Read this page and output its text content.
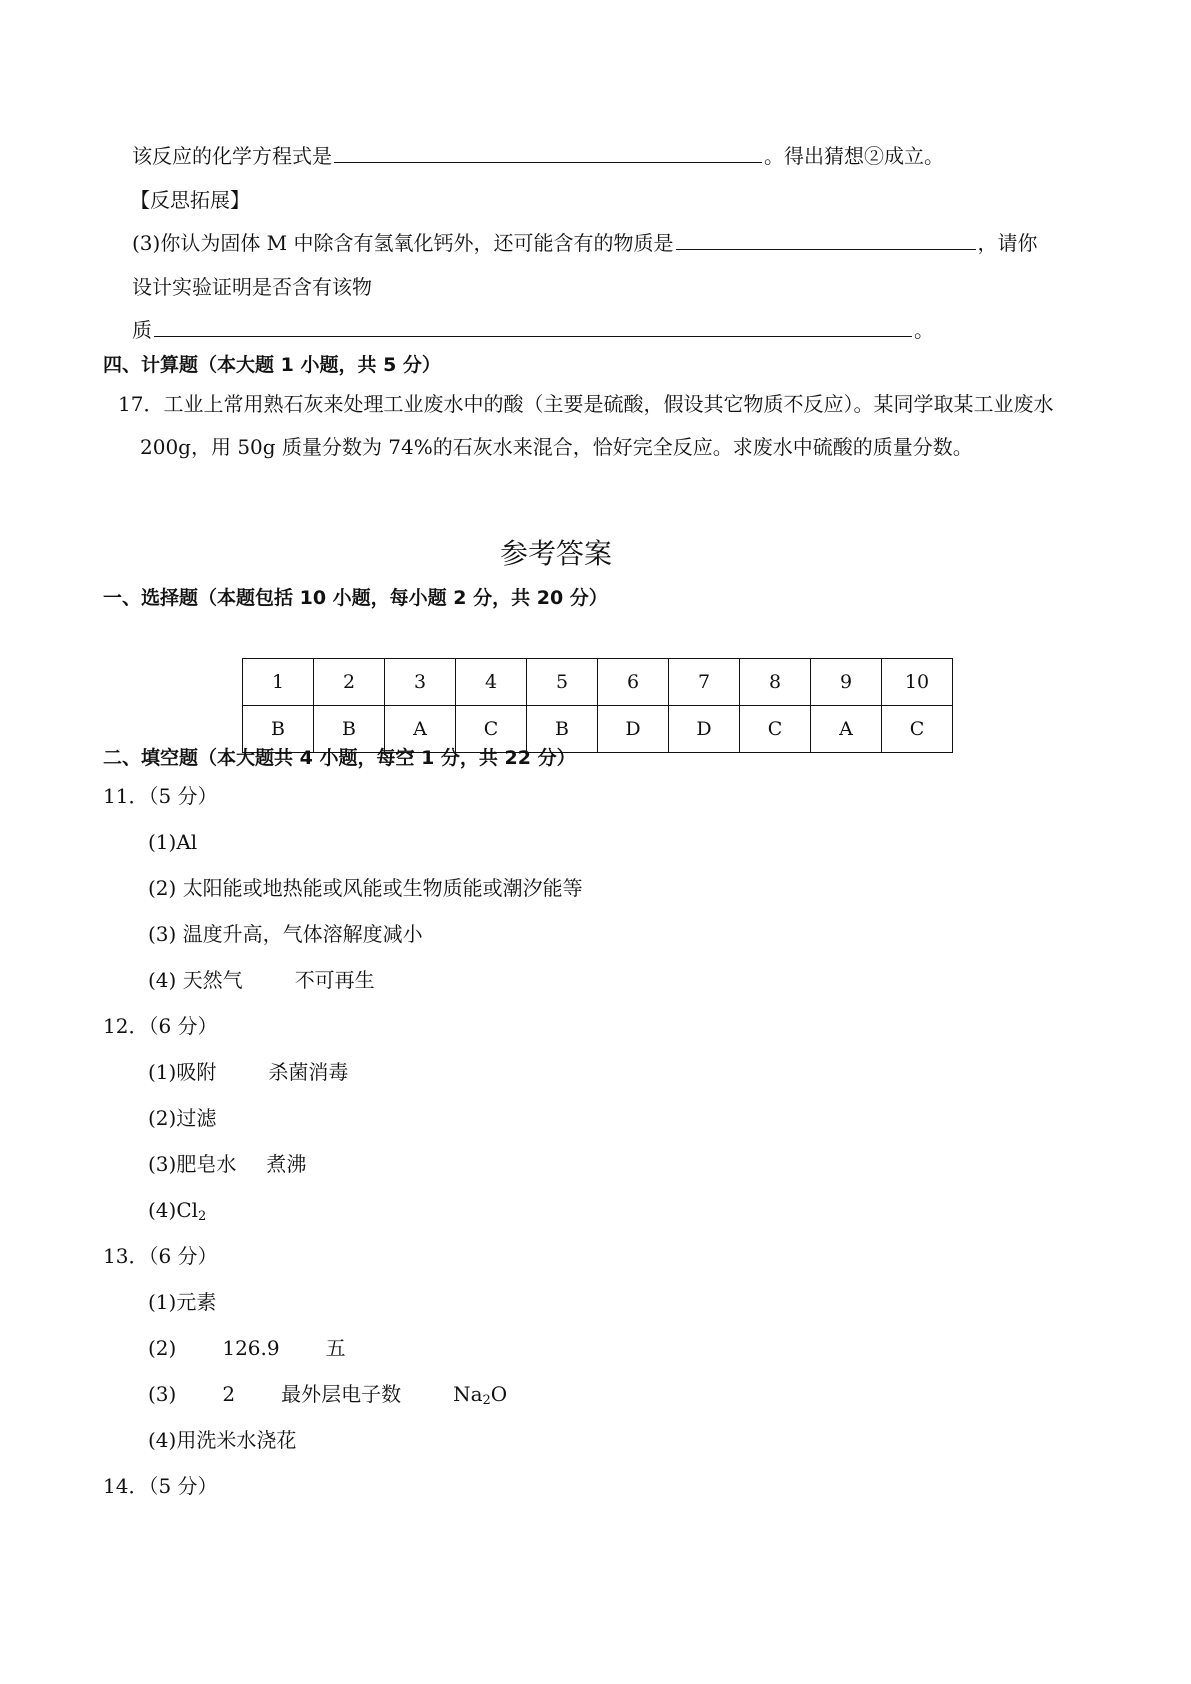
该反应的化学方程式是	。得出猜想②成立。
【反思拓展】
(3)你认为固体 M 中除含有氢氧化钙外，还可能含有的物质是	，请你
设计实验证明是否含有该物
质	。
四、计算题（本大题 1 小题，共 5 分）
17．工业上常用熟石灰来处理工业废水中的酸（主要是硫酸，假设其它物质不反应）。某同学取某工业废水
200g，用 50g 质量分数为 74%的石灰水来混合，恰好完全反应。求废水中硫酸的质量分数。
参考答案
一、选择题（本题包括 10 小题，每小题 2 分，共 20 分）
1	2	3	4	5	6	7	8	9	10
B	B	A	C	B	D	D	C	A	C
二、填空题（本大题共 4 小题，每空 1 分，共 22 分）
11．（5 分）
(1)Al
(2) 太阳能或地热能或风能或生物质能或潮汐能等
(3) 温度升高，气体溶解度减小
(4) 天然气	不可再生
12．（6 分）
(1)吸附	杀菌消毒
(2)过滤
(3)肥皂水 煮沸
$(4)Cl_2$
13．（6 分）
(1)元素
(2) 126.9 五
(3) 2 最外层电子数	$Na_2O$
(4)用洗米水浇花
14．（5 分）
